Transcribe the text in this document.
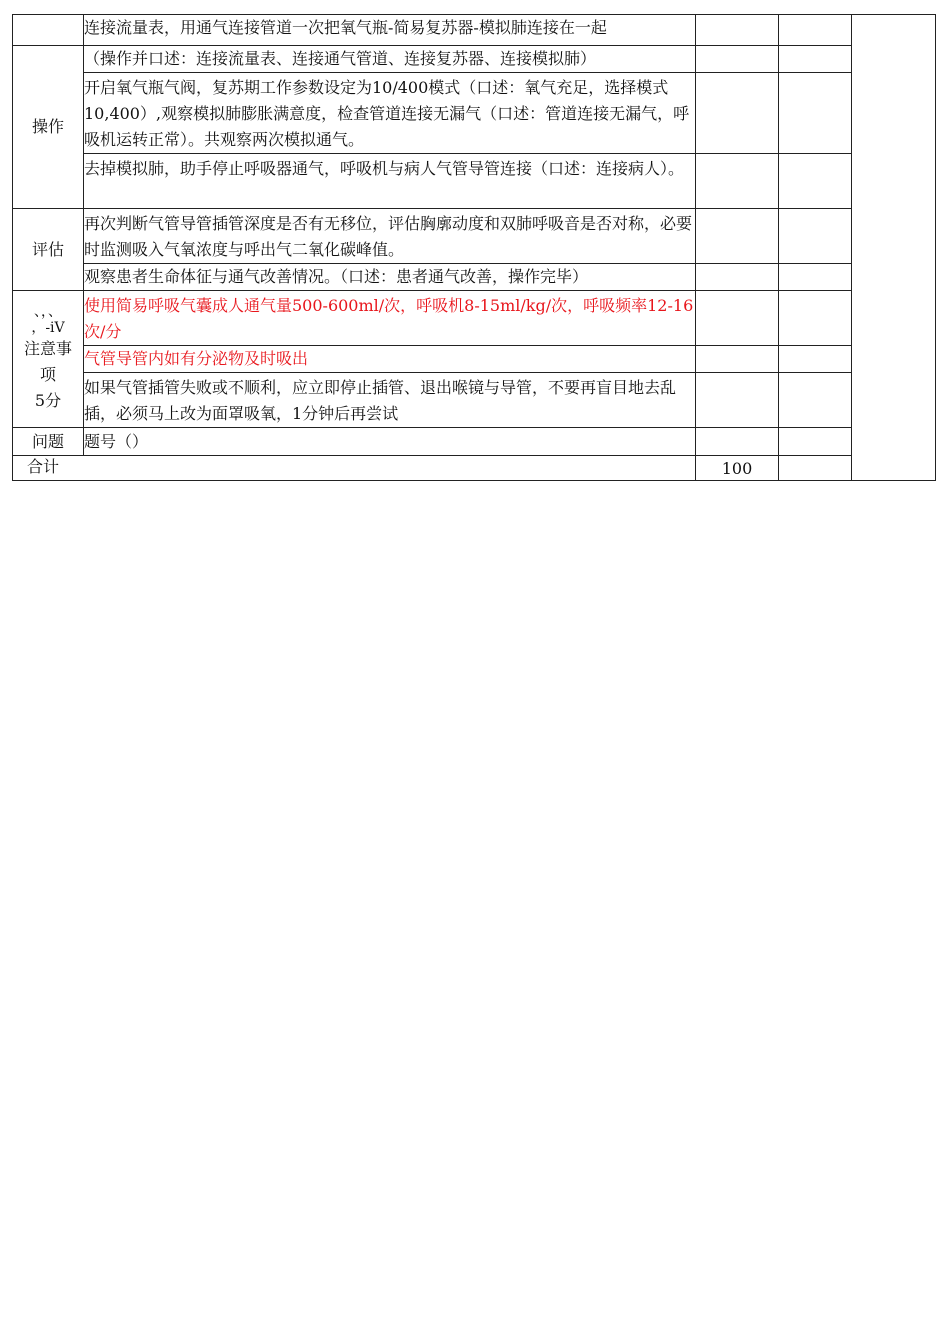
	连接流量表，用通气连接管道一次把氧气瓶-简易复苏器-模拟肺连接在一起			

操作	（操作并口述：连接流量表、连接通气管道、连接复苏器、连接模拟肺）			

	开启氧气瓶气阀，复苏期工作参数设定为10/400模式（口述：氧气充足，选择模式10,400）,观察模拟肺膨胀满意度，检查管道连接无漏气（口述：管道连接无漏气，呼吸机运转正常）。共观察两次模拟通气。			
	去掉模拟肺，助手停止呼吸器通气，呼吸机与病人气管导管连接（口述：连接病人）。			
评估	再次判断气管导管插管深度是否有无移位，评估胸廓动度和双肺呼吸音是否对称，必要时监测吸入气氧浓度与呼出气二氧化碳峰值。			

	观察患者生命体征与通气改善情况。（口述：患者通气改善，操作完毕）			

、，、
，-iV
注意事项
5分	使用简易呼吸气囊成人通气量500-600ml/次，呼吸机8-15ml/kg/次，呼吸频率12-16次/分			
	气管导管内如有分泌物及时吸出			
	如果气管插管失败或不顺利，应立即停止插管、退出喉镜与导管，不要再盲目地去乱插，必须马上改为面罩吸氧，1分钟后再尝试			
问题	题号（）			
合计		100		
